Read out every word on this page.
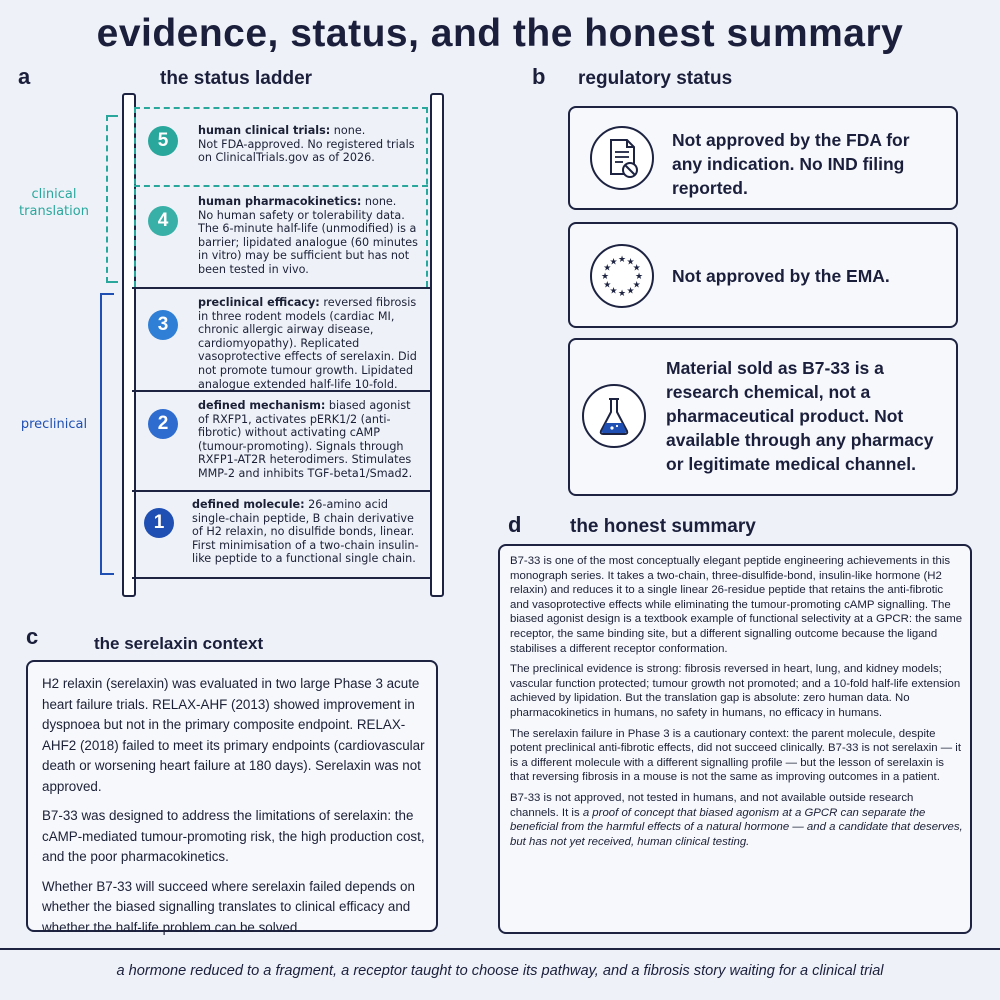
evidence, status, and the honest summary
a	the status ladder
clinical translation
preclinical
5	human clinical trials: none.
Not FDA-approved. No registered trials on ClinicalTrials.gov as of 2026.
4
human pharmacokinetics: none.
No human safety or tolerability data. The 6-minute half-life (unmodified) is a barrier; lipidated analogue (60 minutes in vitro) may be sufficient but has not been tested in vivo.
3
preclinical efficacy: reversed fibrosis in three rodent models (cardiac MI, chronic allergic airway disease, cardiomyopathy). Replicated vasoprotective effects of serelaxin. Did not promote tumour growth. Lipidated analogue extended half-life 10-fold.
2
defined mechanism: biased agonist of RXFP1, activates pERK1/2 (anti-fibrotic) without activating cAMP (tumour-promoting). Signals through RXFP1-AT2R heterodimers. Stimulates MMP-2 and inhibits TGF-beta1/Smad2.
1
defined molecule: 26-amino acid single-chain peptide, B chain derivative of H2 relaxin, no disulfide bonds, linear. First minimisation of a two-chain insulin-like peptide to a functional single chain.
b regulatory status
Not approved by the FDA for any indication. No IND filing reported.
★
★
★
★
★
★
★
★
★ ★ ★
★ Not approved by the EMA.
Material sold as B7-33 is a research chemical, not a pharmaceutical product. Not available through any pharmacy or legitimate medical channel.
c	the serelaxin context

H2 relaxin (serelaxin) was evaluated in two large Phase 3 acute heart failure trials. RELAX-AHF (2013) showed improvement in dyspnoea but not in the primary composite endpoint. RELAX-AHF2 (2018) failed to meet its primary endpoints (cardiovascular death or worsening heart failure at 180 days). Serelaxin was not approved.

B7-33 was designed to address the limitations of serelaxin: the cAMP-mediated tumour-promoting risk, the high production cost, and the poor pharmacokinetics.

Whether B7-33 will succeed where serelaxin failed depends on whether the biased signalling translates to clinical efficacy and whether the half-life problem can be solved.

d	the honest summary

B7-33 is one of the most conceptually elegant peptide engineering achievements in this monograph series. It takes a two-chain, three-disulfide-bond, insulin-like hormone (H2 relaxin) and reduces it to a single linear 26-residue peptide that retains the anti-fibrotic and vasoprotective effects while eliminating the tumour-promoting cAMP signalling. The biased agonist design is a textbook example of functional selectivity at a GPCR: the same receptor, the same binding site, but a different signalling outcome because the ligand stabilises a different receptor conformation.

The preclinical evidence is strong: fibrosis reversed in heart, lung, and kidney models; vascular function protected; tumour growth not promoted; and a 10-fold half-life extension achieved by lipidation. But the translation gap is absolute: zero human data. No pharmacokinetics in humans, no safety in humans, no efficacy in humans.

The serelaxin failure in Phase 3 is a cautionary context: the parent molecule, despite potent preclinical anti-fibrotic effects, did not succeed clinically. B7-33 is not serelaxin — it is a different molecule with a different signalling profile — but the lesson of serelaxin is that reversing fibrosis in a mouse is not the same as improving outcomes in a patient.

B7-33 is not approved, not tested in humans, and not available outside research channels. It is a proof of concept that biased agonism at a GPCR can separate the beneficial from the harmful effects of a natural hormone — and a candidate that deserves, but has not yet received, human clinical testing.

a hormone reduced to a fragment, a receptor taught to choose its pathway, and a fibrosis story waiting for a clinical trial
